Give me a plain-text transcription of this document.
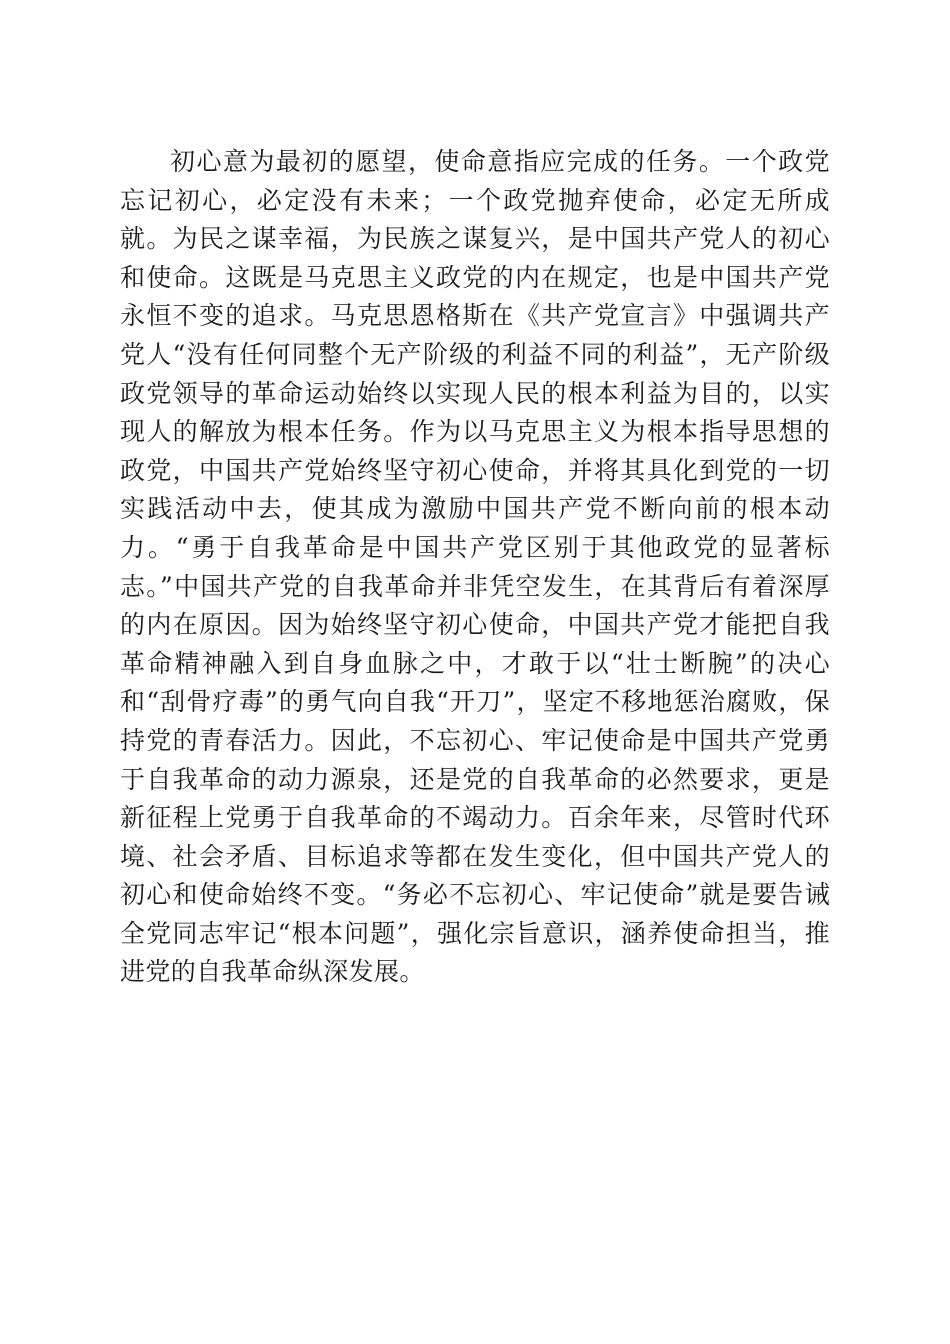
初心意为最初的愿望，使命意指应完成的任务。一个政党忘记初心，必定没有未来；一个政党抛弃使命，必定无所成就。为民之谋幸福，为民族之谋复兴，是中国共产党人的初心和使命。这既是马克思主义政党的内在规定，也是中国共产党永恒不变的追求。马克思恩格斯在《共产党宣言》中强调共产党人“没有任何同整个无产阶级的利益不同的利益”，无产阶级政党领导的革命运动始终以实现人民的根本利益为目的，以实现人的解放为根本任务。作为以马克思主义为根本指导思想的政党，中国共产党始终坚守初心使命，并将其具化到党的一切实践活动中去，使其成为激励中国共产党不断向前的根本动力。“勇于自我革命是中国共产党区别于其他政党的显著标志。”中国共产党的自我革命并非凭空发生，在其背后有着深厚的内在原因。因为始终坚守初心使命，中国共产党才能把自我革命精神融入到自身血脉之中，才敢于以“壮士断腕”的决心和“刮骨疗毒”的勇气向自我“开刀”，坚定不移地惩治腐败，保持党的青春活力。因此，不忘初心、牢记使命是中国共产党勇于自我革命的动力源泉，还是党的自我革命的必然要求，更是新征程上党勇于自我革命的不竭动力。百余年来，尽管时代环境、社会矛盾、目标追求等都在发生变化，但中国共产党人的初心和使命始终不变。“务必不忘初心、牢记使命”就是要告诫全党同志牢记“根本问题”，强化宗旨意识，涵养使命担当，推进党的自我革命纵深发展。
